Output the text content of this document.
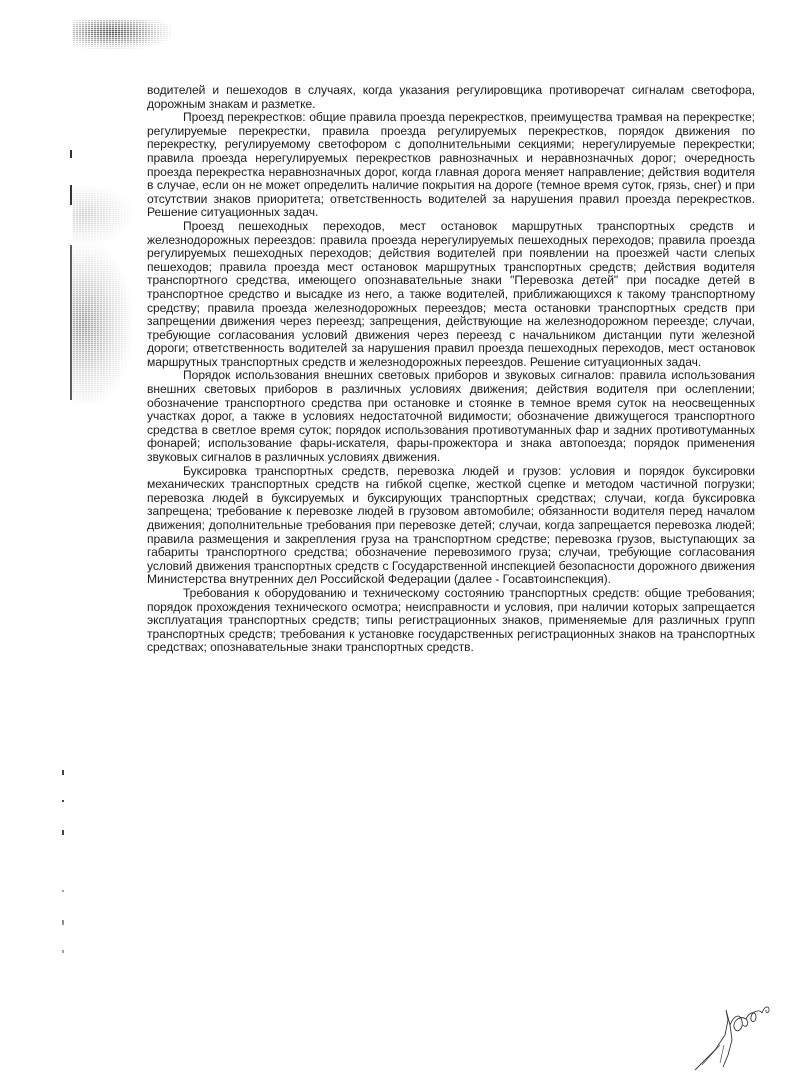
водителей и пешеходов в случаях, когда указания регулировщика противоречат сигналам светофора, дорожным знакам и разметке.

Проезд перекрестков: общие правила проезда перекрестков, преимущества трамвая на перекрестке; регулируемые перекрестки, правила проезда регулируемых перекрестков, порядок движения по перекрестку, регулируемому светофором с дополнительными секциями; нерегулируемые перекрестки; правила проезда нерегулируемых перекрестков равнозначных и неравнозначных дорог; очередность проезда перекрестка неравнозначных дорог, когда главная дорога меняет направление; действия водителя в случае, если он не может определить наличие покрытия на дороге (темное время суток, грязь, снег) и при отсутствии знаков приоритета; ответственность водителей за нарушения правил проезда перекрестков. Решение ситуационных задач.

Проезд пешеходных переходов, мест остановок маршрутных транспортных средств и железнодорожных переездов: правила проезда нерегулируемых пешеходных переходов; правила проезда регулируемых пешеходных переходов; действия водителей при появлении на проезжей части слепых пешеходов; правила проезда мест остановок маршрутных транспортных средств; действия водителя транспортного средства, имеющего опознавательные знаки "Перевозка детей" при посадке детей в транспортное средство и высадке из него, а также водителей, приближающихся к такому транспортному средству; правила проезда железнодорожных переездов; места остановки транспортных средств при запрещении движения через переезд; запрещения, действующие на железнодорожном переезде; случаи, требующие согласования условий движения через переезд с начальником дистанции пути железной дороги; ответственность водителей за нарушения правил проезда пешеходных переходов, мест остановок маршрутных транспортных средств и железнодорожных переездов. Решение ситуационных задач.

Порядок использования внешних световых приборов и звуковых сигналов: правила использования внешних световых приборов в различных условиях движения; действия водителя при ослеплении; обозначение транспортного средства при остановке и стоянке в темное время суток на неосвещенных участках дорог, а также в условиях недостаточной видимости; обозначение движущегося транспортного средства в светлое время суток; порядок использования противотуманных фар и задних противотуманных фонарей; использование фары-искателя, фары-прожектора и знака автопоезда; порядок применения звуковых сигналов в различных условиях движения.

Буксировка транспортных средств, перевозка людей и грузов: условия и порядок буксировки механических транспортных средств на гибкой сцепке, жесткой сцепке и методом частичной погрузки; перевозка людей в буксируемых и буксирующих транспортных средствах; случаи, когда буксировка запрещена; требование к перевозке людей в грузовом автомобиле; обязанности водителя перед началом движения; дополнительные требования при перевозке детей; случаи, когда запрещается перевозка людей; правила размещения и закрепления груза на транспортном средстве; перевозка грузов, выступающих за габариты транспортного средства; обозначение перевозимого груза; случаи, требующие согласования условий движения транспортных средств с Государственной инспекцией безопасности дорожного движения Министерства внутренних дел Российской Федерации (далее - Госавтоинспекция).

Требования к оборудованию и техническому состоянию транспортных средств: общие требования; порядок прохождения технического осмотра; неисправности и условия, при наличии которых запрещается эксплуатация транспортных средств; типы регистрационных знаков, применяемые для различных групп транспортных средств; требования к установке государственных регистрационных знаков на транспортных средствах; опознавательные знаки транспортных средств.
